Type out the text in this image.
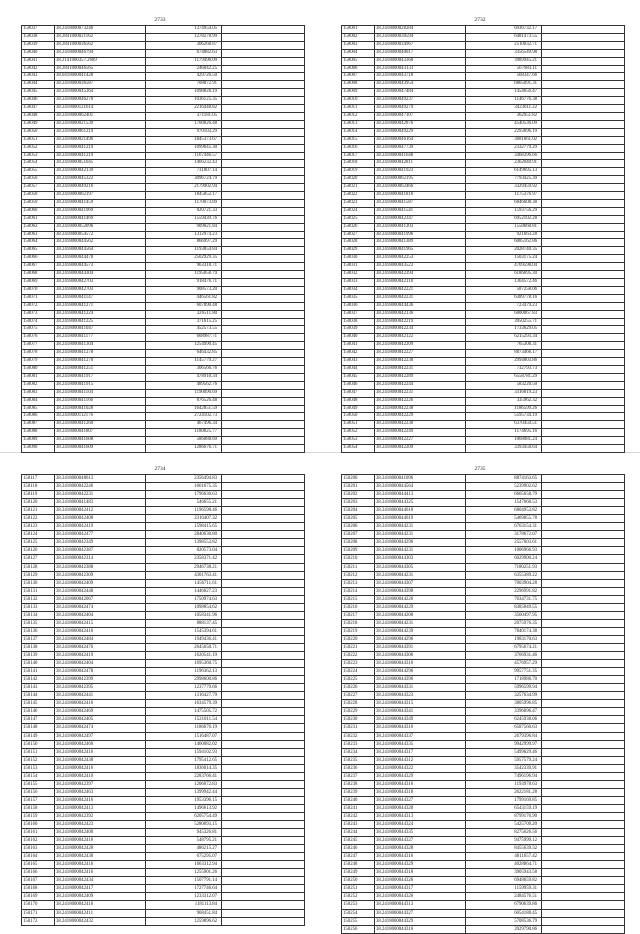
2733
150037	38.2418000073246	1374954.05	
150038	38.2841000021162	1278278.99	
150039	38.2841000036562	306268.87	
150040	38.2418000046794	674882.63	
150041	38.2141000357.2689	1179496.09	
150042	38.2841000046565	246042.25	
150043	38.0418000041428	429726.50	
150044	38.2418000036587	708872.91	
150045	38.2418000045364	1098828.19	
150046	38.2418000046270	1036125.35	
150047	38.2418000121614	2216448.82	
150048	38.2418000062401	371181.05	
150049	38.2418000021539	1700826.48	
150050	38.2418000061219	970103.29	
150051	38.2418000021496	1845373.67	
150052	38.2418000041219	1099645.30	
150053	38.2418000041219	1167446.57	
150054	38.2418000051045	1466232.43	
150055	38.2418000042139	731807.14	
150056	38.2418000045322	3096724.79	
150057	38.2418000049216	2179902.94	
150058	38.2418000062197	1845852.17	
150059	38.2418000041459	1170073.89	
150060	38.2418000041969	820721.33	
150061	38.2418000041469	1559439.76	
150062	38.2418000052096	909821.84	
150063	38.2418000054572	1312974.23	
150064	38.2418000044562	866997.29	
150065	38.2418000044564	1193854.84	
150066	38.2418000044470	2502929.35	
150067	38.2418000044573	963318.71	
150068	38.2418000044304	1195858.79	
150069	38.2418000042703	918476.71	
150070	38.2418000042703	908573.20	
150071	38.2418000041147	446561.82	
150072	38.2418000041271	607890.48	
150073	38.2418000041224	326511.80	
150074	38.2418000041225	371615.25	
150075	38.2418000041047	452573.55	
150076	38.2418000041177	668987.71	
150077	38.2418000041304	1254990.45	
150078	38.2418000041278	646432.85	
150079	38.2418000041270	1145779.27	
150080	38.2418000041251	306566.76	
150081	38.2418000041917	478910.34	
150082	38.2418000041915	489562.76	
150083	38.2418000041104	1190090.69	
150084	38.2418000041166	876526.48	
150085	38.2418000041028	1642851.59	
150086	38.2418000112176	2724102.73	
150087	38.2418000041260	467496.34	
150088	38.2418000041807	1180825.77	
150089	38.2418000041608	586088.69	
150090	38.2418000041609	1286676.71	

2732
150001	38.2418000028284	6936732.17	
150002	38.2418000030594	6481473.55	
150003	38.2418000034967	2510032.71	
150004	38.2418000040017	3356549.98	
150005	38.2418000043368	3989945.21	
150006	38.2418000043133	567983.11	
150007	38.2418000043718	568347.66	
150008	38.2418000043954	6865091.31	
150009	38.2418000047484	1454656.47	
150010	38.2418000049237	1146776.38	
150011	38.2418000049279	3423611.22	
150012	38.2418000047107	362951.82	
150013	38.2418000042876	4540536.09	
150014	38.2418000049229	2293096.19	
150015	38.2418000046164	3681661.02	
150016	38.2418000047739	2332779.29	
150017	38.2418000041648	3468396.66	
150018	38.2418000042811	2362040.91	
150019	38.2418000041923	6149695.13	
150020	38.2418000062195	7793425.39	
150021	38.2418000062466	3329459.92	
150022	38.2418000041816	1175376.97	
150023	38.2418000041587	6846608.38	
150024	38.2418000041541	1593756.29	
150025	38.2418000042347	6952102.28	
150026	38.2418000041203	1558660.81	
150027	38.2418000041996	921663.28	
150028	38.2418000041389	6085162.86	
150029	38.2418000041965	2028740.35	
150030	38.2418000042253	1503175.24	
150031	38.2418000043523	4769598.04	
150032	38.2418000042394	6186695.30	
150033	38.2418000042118	1364572.46	
150034	38.2418000042221	587258.06	
150035	38.2418000042231	6389778.16	
150036	38.2418000044436	723479.23	
150037	38.2418000042136	6800067.83	
150038	38.2418000042219	3950255.71	
150039	38.2418000042234	1733629.05	
150040	38.2418000042122	6215293.34	
150041	38.2418000042209	765308.31	
150042	38.2418000042227	8873466.17	
150043	38.2418000042230	2994803.86	
150044	38.2418000042231	732793.73	
150045	38.2418000042289	6558781.29	
150046	38.2418000042244	583220.50	
150047	38.2418000042231	3316819.23	
150048	38.2418000042226	335962.32	
150049	38.2418000042238	1186599.26	
150050	38.2418000042229	5595734.19	
150051	38.2418000042230	6370450.51	
150052	38.2418000042249	1174695.16	
150053	38.2418000042227	1068081.24	
150054	38.2418000042209	3393458.64	

2734
150117	38.2418000048613	2356494.83	
150118	38.2418000042246	1661675.35	
150119	38.2418000042231	1796630.63	
150120	38.2418000041483	546655.21	
150121	38.2418000042412	1196598.46	
150122	38.2418000042408	2316407.32	
150123	38.2418000042419	1598415.65	
150124	38.2418000042477	2840630.80	
150125	38.2418000042349	1398553.82	
150126	38.2418000042387	820573.04	
150127	38.2418000042314	2358371.42	
150128	38.2418000042388	2946738.21	
150129	38.2418000042309	4301763.41	
150130	38.2418000042409	1456711.61	
150131	38.2418000042448	1446827.23	
150132	38.2418000042067	1750974.63	
150133	38.2418000042474	1098854.62	
150134	38.2418000042404	1058341.96	
150135	38.2418000042415	888137.45	
150136	38.2418000042416	1545394.61	
150137	38.2418000042484	1949436.41	
150138	38.2418000042476	2645658.71	
150139	38.2418000042419	1620541.19	
150140	38.2418000042404	1695360.75	
150141	38.2418000042478	1196362.13	
150142	38.2418000042399	2998600.86	
150143	38.2418000042395	1237779.66	
150144	38.2418000042441	1316427.79	
150145	38.2418000042416	1634579.39	
150146	38.2418000042469	1475505.72	
150147	38.2418000042405	1521011.54	
150148	38.2418000042474	1186676.19	
150149	38.2418000042497	1516487.07	
150150	38.2418000042460	1460082.02	
150151	38.2418000042416	1594102.93	
150152	38.2418000042438	1795412.65	
150153	38.2418000042416	1836014.35	
150154	38.2418000042410	2283766.41	
150155	38.2418000042397	1206072.83	
150156	38.2418000042463	1399942.44	
150157	38.2418000042416	1953396.15	
150158	38.2418000042413	1496613.92	
150159	38.2418000042392	6205754.49	
150160	38.2418000042423	5280093.15	
150161	38.2418000042400	945326.81	
150162	38.2418000042416	548795.21	
150163	38.2418000042428	486215.27	
150164	38.2418000042438	675295.07	
150165	38.2418000042416	1663312.94	
150166	38.2418000042416	1255901.26	
150167	38.2418000042434	1507791.14	
150168	38.2418000042417	1727746.64	
150169	38.2418000042409	1233312.07	
150170	38.2418000042416	1181113.84	
150171	38.2418000042411	968451.84	
150172	38.2418000042432	1259896.62	
2735
150200	38.2418000041096	8874163.65	
150201	38.2418000044564	5239902.62	
150202	38.2418000044413	6665658.79	
150203	38.2418000044325	1547668.53	
150204	38.2418000044618	6804953.82	
150205	38.2418000044619	5469855.78	
150206	38.2418000044231	6763154.31	
150207	38.2418000044231	3178672.07	
150208	38.2418000044296	2557603.61	
150209	38.2418000044231	1006966.93	
150210	38.2418000044303	6029900.24	
150211	38.2418000044305	7180251.93	
150212	38.2418000044231	6355389.22	
150213	38.2418000044307	7003904.28	
150214	38.2418000044398	2296991.82	
150215	38.2418000044226	7034731.75	
150216	38.2418000044229	8385849.55	
150217	38.2418000044200	3560497.95	
150218	38.2418000044231	2075976.35	
150219	38.2418000044239	7840174.38	
150220	38.2418000044296	1983170.63	
150221	38.2418000044391	6795674.21	
150222	38.2418000044306	3766931.46	
150223	38.2418000044316	4576957.29	
150224	38.2418000044296	9957751.35	
150225	38.2418000044396	1718986.70	
150226	38.2418000044331	5996599.94	
150227	38.2418000044323	3257634.99	
150228	38.2418000044315	3805996.85	
150229	38.2418000044341	3396896.47	
150230	38.2418000044349	6245938.06	
150231	38.2418000044316	6587560.63	
150232	38.2418000044337	2679396.84	
150233	38.2418000044335	9942999.97	
150234	38.2418000044317	5499629.46	
150235	38.2418000044312	5957579.24	
150236	38.2418000044322	3542339.91	
150237	38.2418000044329	7496196.94	
150238	38.2418000044316	1193978.63	
150239	38.2418000044318	2622181.28	
150240	38.2418000044327	1799169.85	
150241	38.2418000044320	6543159.19	
150242	38.2418000044313	8799176.90	
150243	38.2418000044324	5425709.20	
150244	38.2418000044335	8275626.56	
150245	38.2418000044327	9475999.12	
150246	38.2418000044328	8455639.32	
150247	38.2418000044316	4811657.42	
150248	38.2418000044329	4028864.71	
150249	38.2418000044318	3905943.58	
150250	38.2418000044326	6948659.82	
150251	38.2418000044317	1159959.31	
150252	38.2418000044326	2484576.51	
150253	38.2418000044313	6790639.86	
150254	38.2418000044327	6054188.45	
150255	38.2418000044329	5708536.79	
150256	38.2418000044316	3929790.86	
